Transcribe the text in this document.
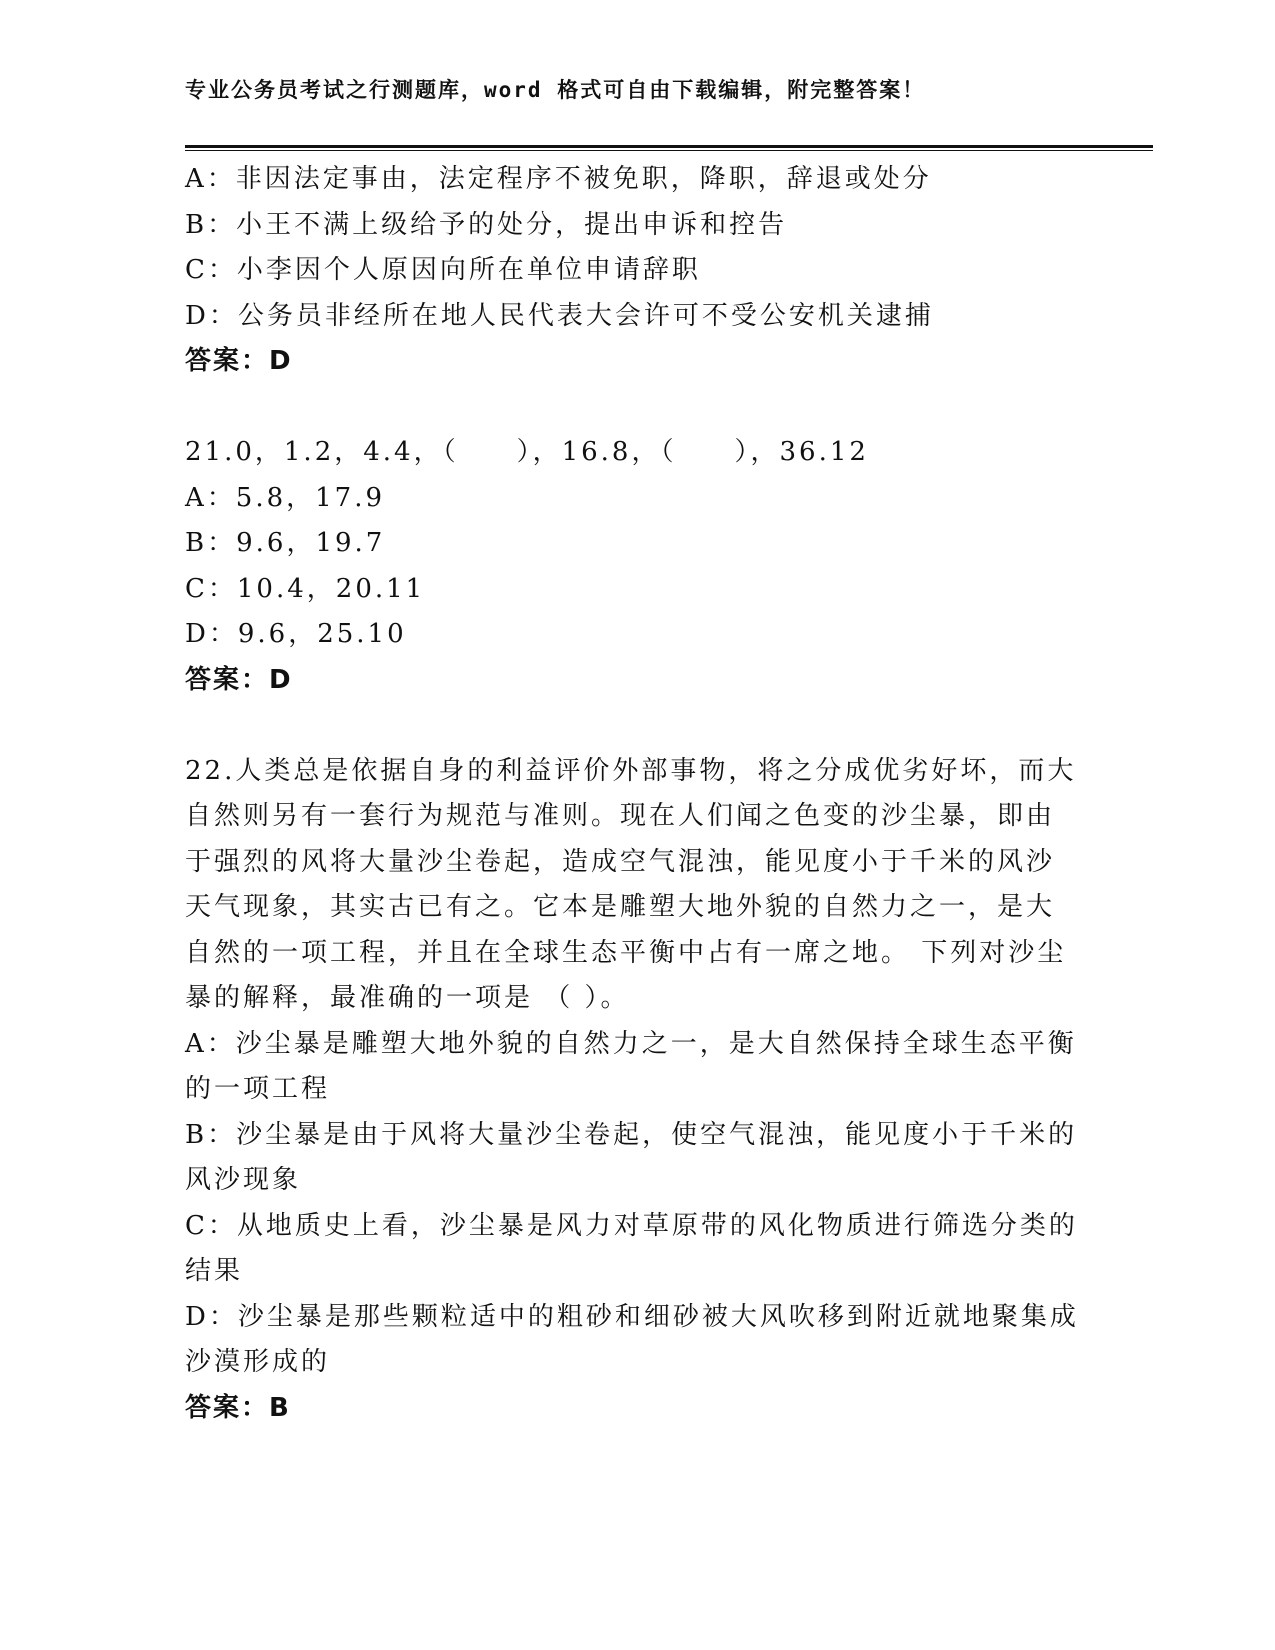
专业公务员考试之行测题库，word 格式可自由下载编辑，附完整答案！
A：非因法定事由，法定程序不被免职，降职，辞退或处分
B：小王不满上级给予的处分，提出申诉和控告
C：小李因个人原因向所在单位申请辞职
D：公务员非经所在地人民代表大会许可不受公安机关逮捕
答案：D
21.0，1.2，4.4，（　　），16.8，（　　），36.12
A：5.8，17.9
B：9.6，19.7
C：10.4，20.11
D：9.6，25.10
答案：D
22.人类总是依据自身的利益评价外部事物，将之分成优劣好坏，而大
自然则另有一套行为规范与准则。现在人们闻之色变的沙尘暴，即由
于强烈的风将大量沙尘卷起，造成空气混浊，能见度小于千米的风沙
天气现象，其实古已有之。它本是雕塑大地外貌的自然力之一，是大
自然的一项工程，并且在全球生态平衡中占有一席之地。 下列对沙尘
暴的解释，最准确的一项是 （ ）。
A：沙尘暴是雕塑大地外貌的自然力之一，是大自然保持全球生态平衡
的一项工程
B：沙尘暴是由于风将大量沙尘卷起，使空气混浊，能见度小于千米的
风沙现象
C：从地质史上看，沙尘暴是风力对草原带的风化物质进行筛选分类的
结果
D：沙尘暴是那些颗粒适中的粗砂和细砂被大风吹移到附近就地聚集成
沙漠形成的
答案：B
